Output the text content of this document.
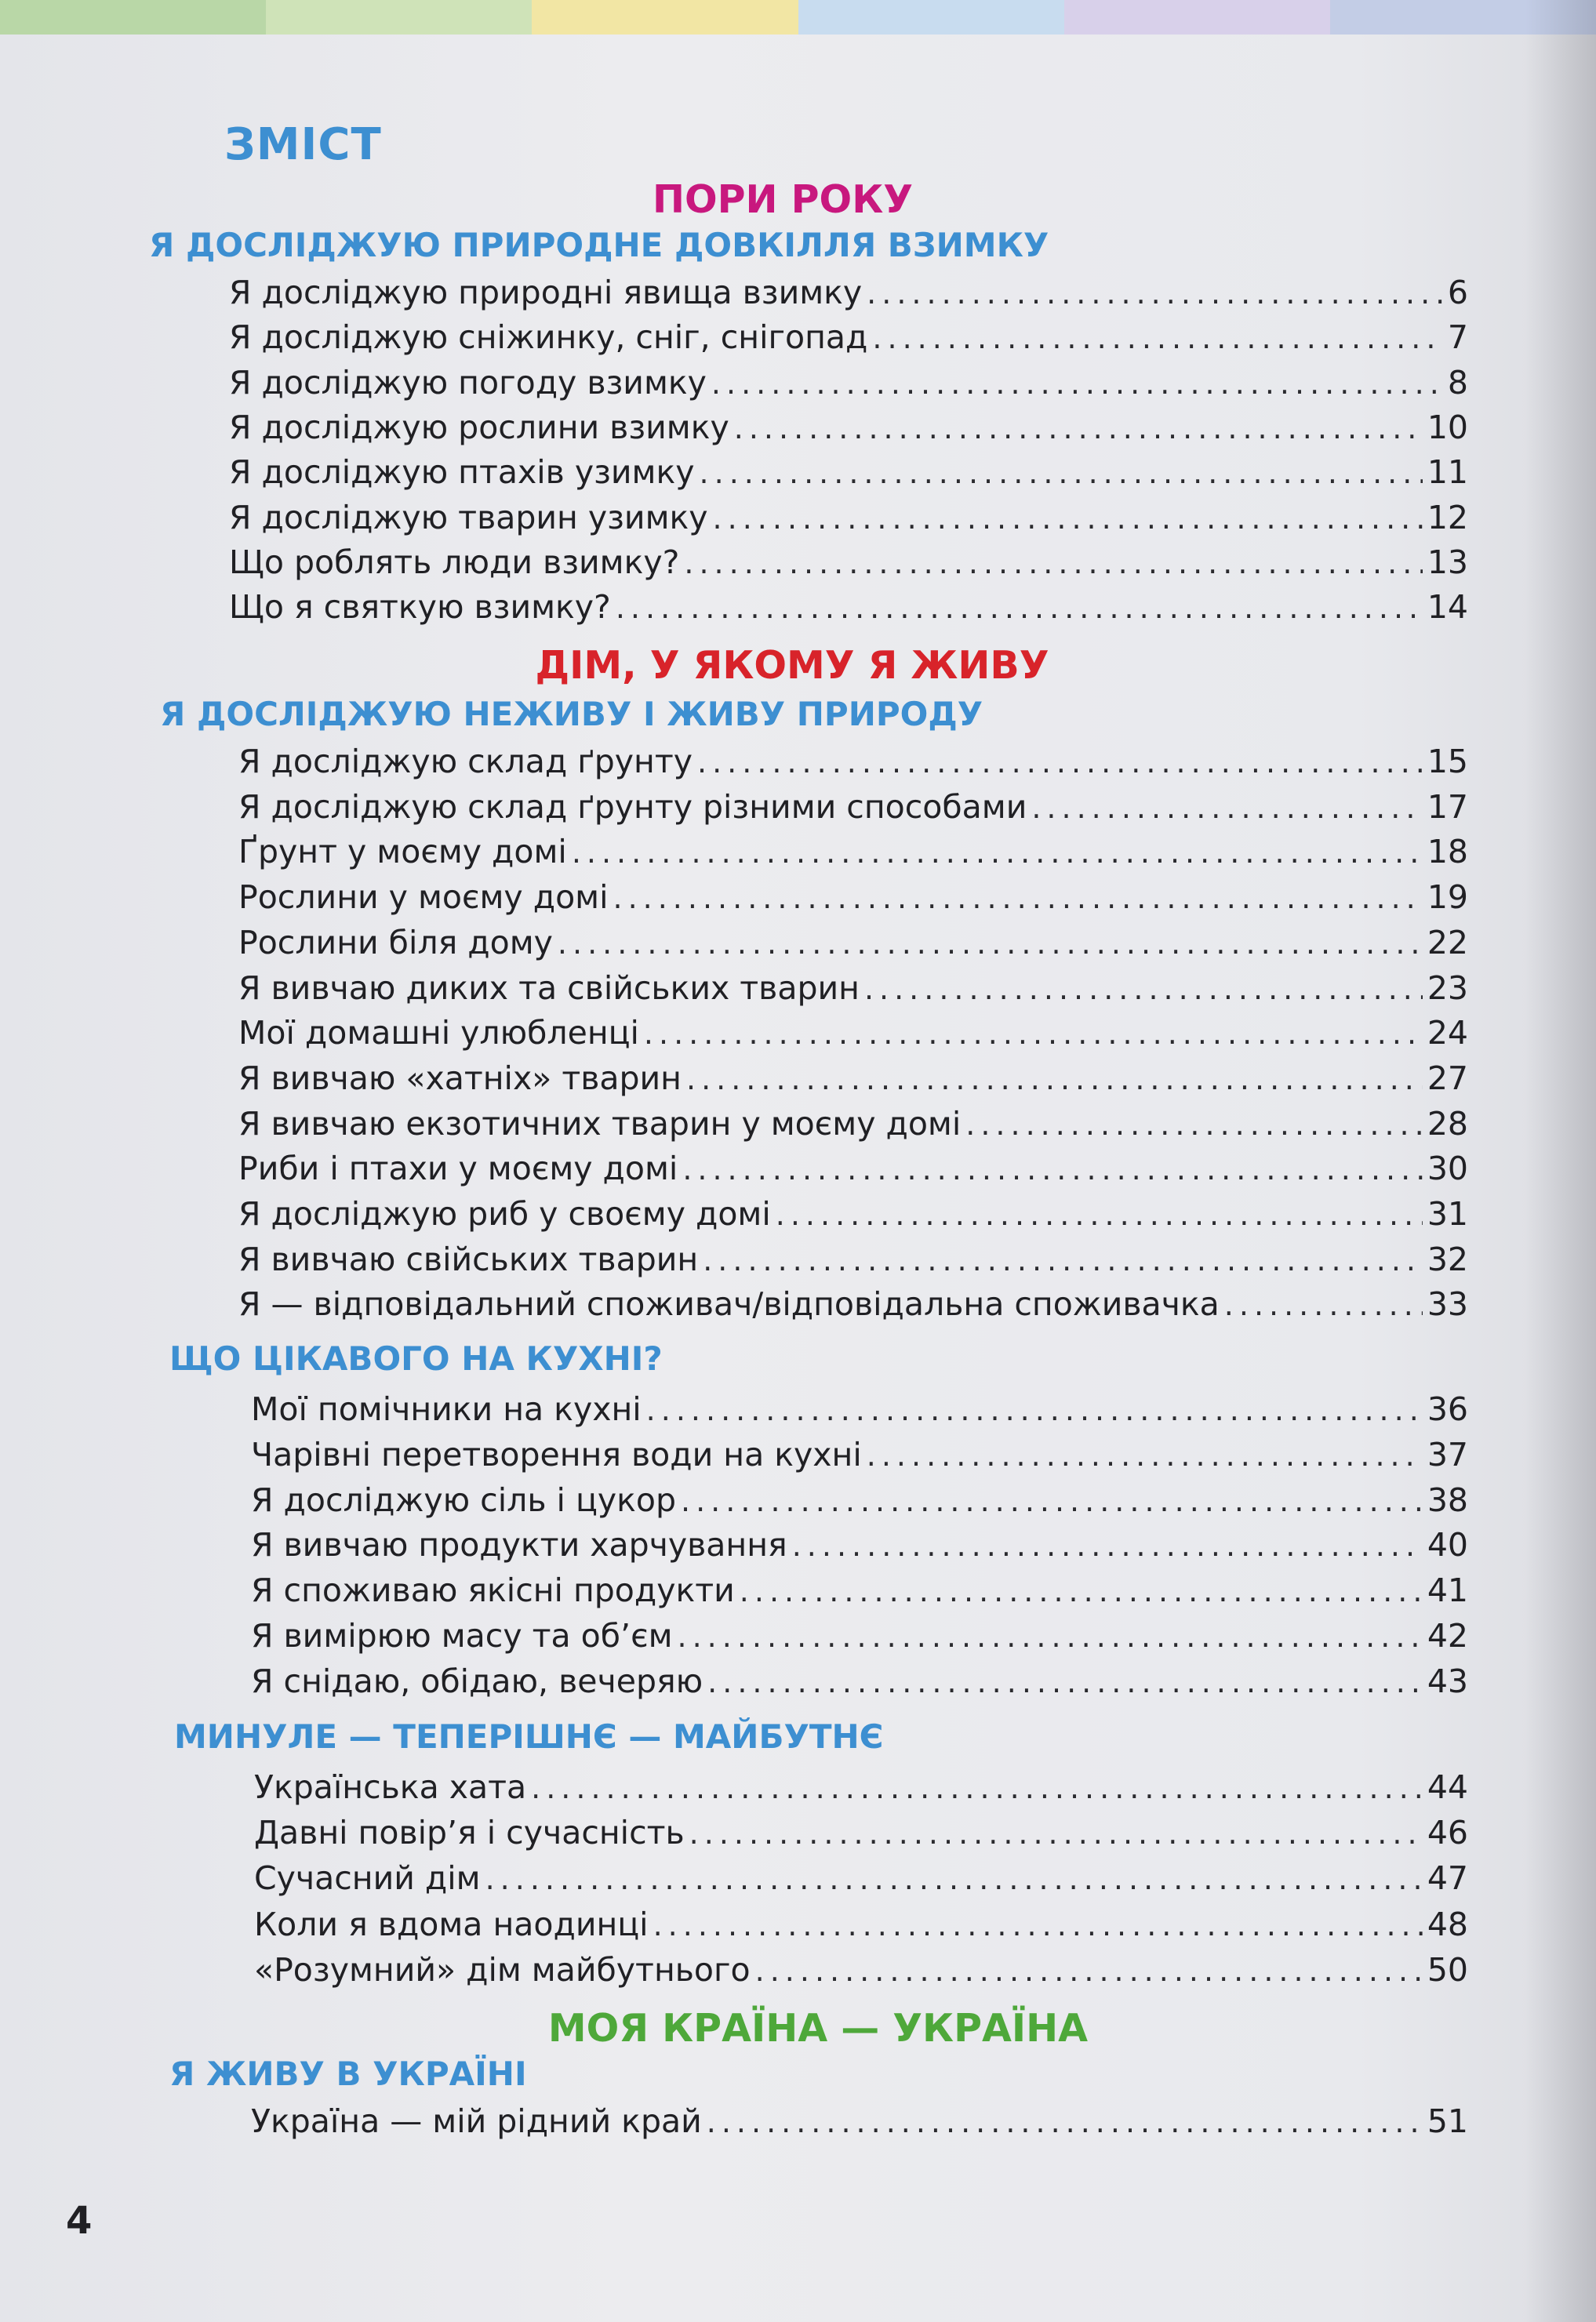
ЗМІСТ
ПОРИ РОКУ
Я ДОСЛІДЖУЮ ПРИРОДНЕ ДОВКІЛЛЯ ВЗИМКУ
Я досліджую природні явища взимку .....	6
Я досліджую сніжинку, сніг, снігопад .....	7
Я досліджую погоду взимку .....	8
Я досліджую рослини взимку .....	10
Я досліджую птахів узимку .....	11
Я досліджую тварин узимку .....	12
Що роблять люди взимку? .....	13
Що я святкую взимку? .....	14
ДІМ, У ЯКОМУ Я ЖИВУ
Я ДОСЛІДЖУЮ НЕЖИВУ І ЖИВУ ПРИРОДУ
Я досліджую склад ґрунту .....	15
Я досліджую склад ґрунту різними способами .....	17
Ґрунт у моєму домі .....	18
Рослини у моєму домі .....	19
Рослини біля дому .....	22
Я вивчаю диких та свійських тварин .....	23
Мої домашні улюбленці .....	24
Я вивчаю «хатніх» тварин .....	27
Я вивчаю екзотичних тварин у моєму домі .....	28
Риби і птахи у моєму домі .....	30
Я досліджую риб у своєму домі .....	31
Я вивчаю свійських тварин .....	32
Я — відповідальний споживач/відповідальна споживачка .....	33
ЩО ЦІКАВОГО НА КУХНІ?
Мої помічники на кухні .....	36
Чарівні перетворення води на кухні .....	37
Я досліджую сіль і цукор .....	38
Я вивчаю продукти харчування .....	40
Я споживаю якісні продукти .....	41
Я вимірюю масу та об’єм .....	42
Я снідаю, обідаю, вечеряю .....	43
МИНУЛЕ — ТЕПЕРІШНЄ — МАЙБУТНЄ
Українська хата .....	44
Давні повір’я і сучасність .....	46
Сучасний дім .....	47
Коли я вдома наодинці .....	48
«Розумний» дім майбутнього .....	50
МОЯ КРАЇНА — УКРАЇНА
Я ЖИВУ В УКРАЇНІ
Україна — мій рідний край .....	51
4
